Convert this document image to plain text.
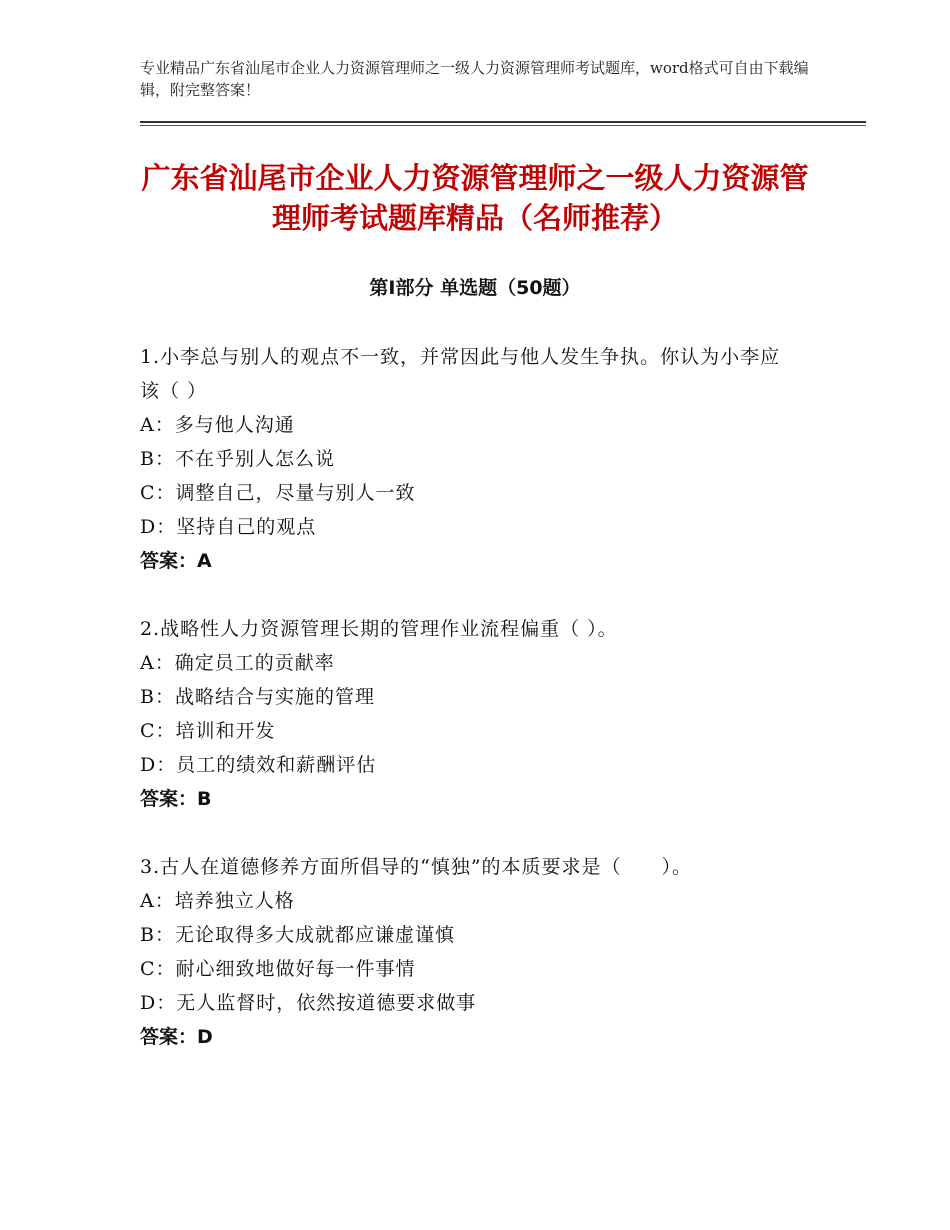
专业精品广东省汕尾市企业人力资源管理师之一级人力资源管理师考试题库，word格式可自由下载编辑，附完整答案！
广东省汕尾市企业人力资源管理师之一级人力资源管理师考试题库精品（名师推荐）
第Ⅰ部分 单选题（50题）
1.小李总与别人的观点不一致，并常因此与他人发生争执。你认为小李应该（ ）
A：多与他人沟通
B：不在乎别人怎么说
C：调整自己，尽量与别人一致
D：坚持自己的观点
答案：A
2.战略性人力资源管理长期的管理作业流程偏重（ ）。
A：确定员工的贡献率
B：战略结合与实施的管理
C：培训和开发
D：员工的绩效和薪酬评估
答案：B
3.古人在道德修养方面所倡导的“慎独”的本质要求是（　　）。
A：培养独立人格
B：无论取得多大成就都应谦虚谨慎
C：耐心细致地做好每一件事情
D：无人监督时，依然按道德要求做事
答案：D
